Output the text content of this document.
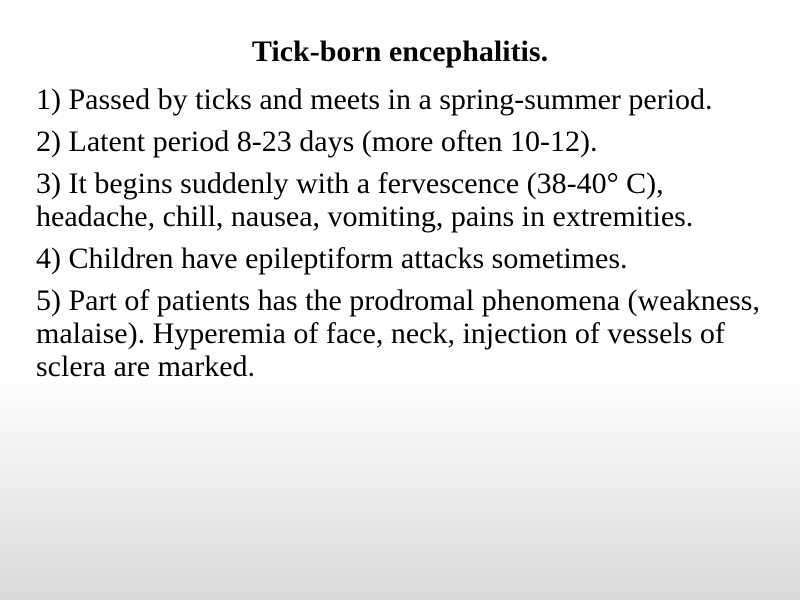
Tick-born encephalitis.
1) Passed by ticks and meets in a spring-summer period.
2) Latent period 8-23 days (more often 10-12).
3) It begins suddenly with a fervescence (38-40° C), headache, chill, nausea, vomiting, pains in extremities.
4) Children have epileptiform attacks sometimes.
5) Part of patients has the prodromal phenomena (weakness, malaise). Hyperemia of face, neck, injection of vessels of sclera are marked.
